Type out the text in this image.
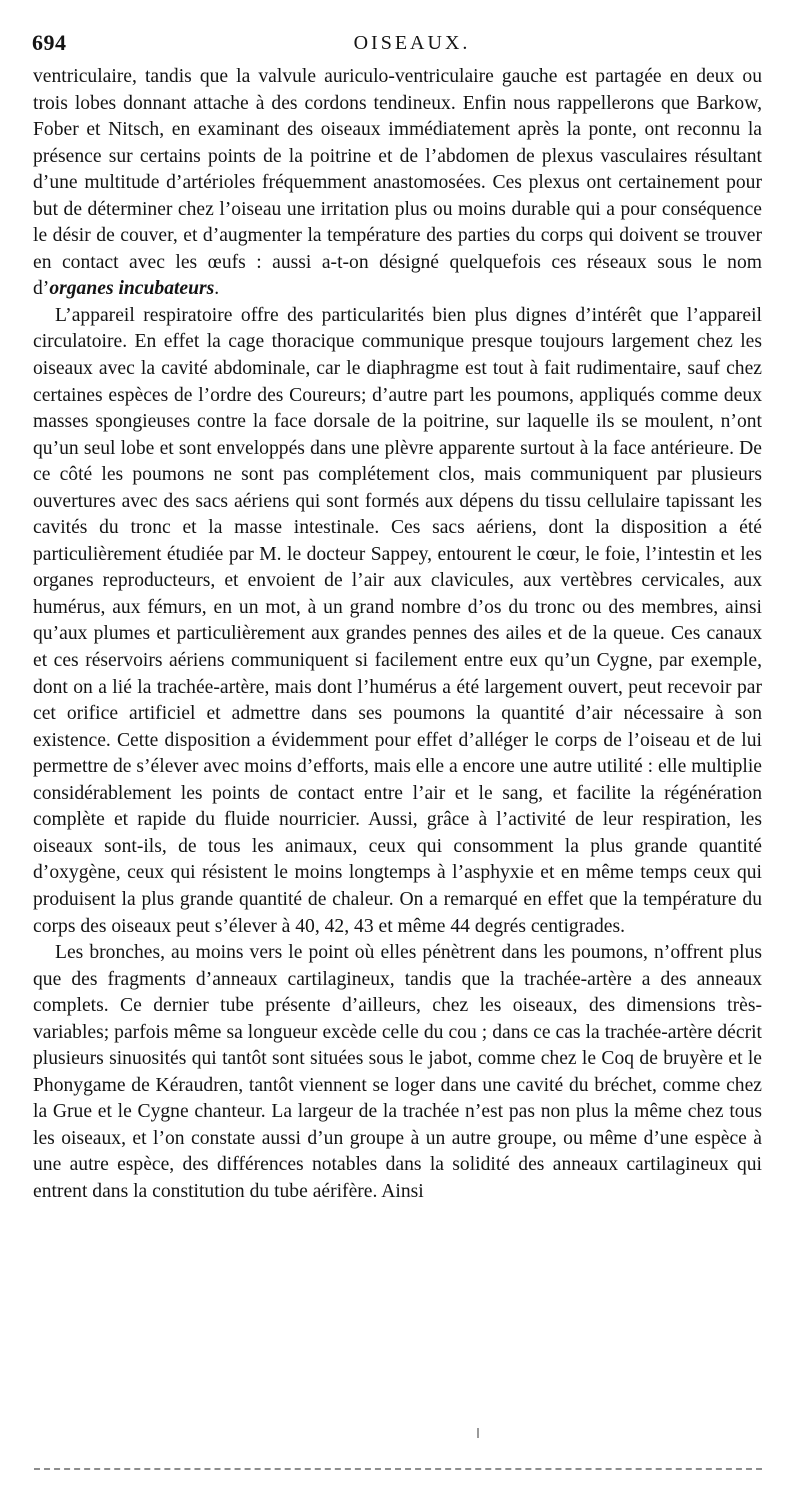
694	OISEAUX.

ventriculaire, tandis que la valvule auriculo-ventriculaire gauche est partagée en deux ou trois lobes donnant attache à des cordons tendineux. Enfin nous rappellerons que Barkow, Fober et Nitsch, en examinant des oiseaux immédiatement après la ponte, ont reconnu la présence sur certains points de la poitrine et de l’abdomen de plexus vasculaires résultant d’une multitude d’artérioles fréquemment anastomosées. Ces plexus ont certainement pour but de déterminer chez l’oiseau une irritation plus ou moins durable qui a pour conséquence le désir de couver, et d’augmenter la température des parties du corps qui doivent se trouver en contact avec les œufs : aussi a-t-on désigné quelquefois ces réseaux sous le nom d’organes incubateurs.

L’appareil respiratoire offre des particularités bien plus dignes d’intérêt que l’appareil circulatoire. En effet la cage thoracique communique presque toujours largement chez les oiseaux avec la cavité abdominale, car le diaphragme est tout à fait rudimentaire, sauf chez certaines espèces de l’ordre des Coureurs; d’autre part les poumons, appliqués comme deux masses spongieuses contre la face dorsale de la poitrine, sur laquelle ils se moulent, n’ont qu’un seul lobe et sont enveloppés dans une plèvre apparente surtout à la face antérieure. De ce côté les poumons ne sont pas complétement clos, mais communiquent par plusieurs ouvertures avec des sacs aériens qui sont formés aux dépens du tissu cellulaire tapissant les cavités du tronc et la masse intestinale. Ces sacs aériens, dont la disposition a été particulièrement étudiée par M. le docteur Sappey, entourent le cœur, le foie, l’intestin et les organes reproducteurs, et envoient de l’air aux clavicules, aux vertèbres cervicales, aux humérus, aux fémurs, en un mot, à un grand nombre d’os du tronc ou des membres, ainsi qu’aux plumes et particulièrement aux grandes pennes des ailes et de la queue. Ces canaux et ces réservoirs aériens communiquent si facilement entre eux qu’un Cygne, par exemple, dont on a lié la trachée-artère, mais dont l’humérus a été largement ouvert, peut recevoir par cet orifice artificiel et admettre dans ses poumons la quantité d’air nécessaire à son existence. Cette disposition a évidemment pour effet d’alléger le corps de l’oiseau et de lui permettre de s’élever avec moins d’efforts, mais elle a encore une autre utilité : elle multiplie considérablement les points de contact entre l’air et le sang, et facilite la régénération complète et rapide du fluide nourricier. Aussi, grâce à l’activité de leur respiration, les oiseaux sont-ils, de tous les animaux, ceux qui consomment la plus grande quantité d’oxygène, ceux qui résistent le moins longtemps à l’asphyxie et en même temps ceux qui produisent la plus grande quantité de chaleur. On a remarqué en effet que la température du corps des oiseaux peut s’élever à 40, 42, 43 et même 44 degrés centigrades.

Les bronches, au moins vers le point où elles pénètrent dans les poumons, n’offrent plus que des fragments d’anneaux cartilagineux, tandis que la trachée-artère a des anneaux complets. Ce dernier tube présente d’ailleurs, chez les oiseaux, des dimensions très-variables; parfois même sa longueur excède celle du cou ; dans ce cas la trachée-artère décrit plusieurs sinuosités qui tantôt sont situées sous le jabot, comme chez le Coq de bruyère et le Phonygame de Kéraudren, tantôt viennent se loger dans une cavité du bréchet, comme chez la Grue et le Cygne chanteur. La largeur de la trachée n’est pas non plus la même chez tous les oiseaux, et l’on constate aussi d’un groupe à un autre groupe, ou même d’une espèce à une autre espèce, des différences notables dans la solidité des anneaux cartilagineux qui entrent dans la constitution du tube aérifère. Ainsi
